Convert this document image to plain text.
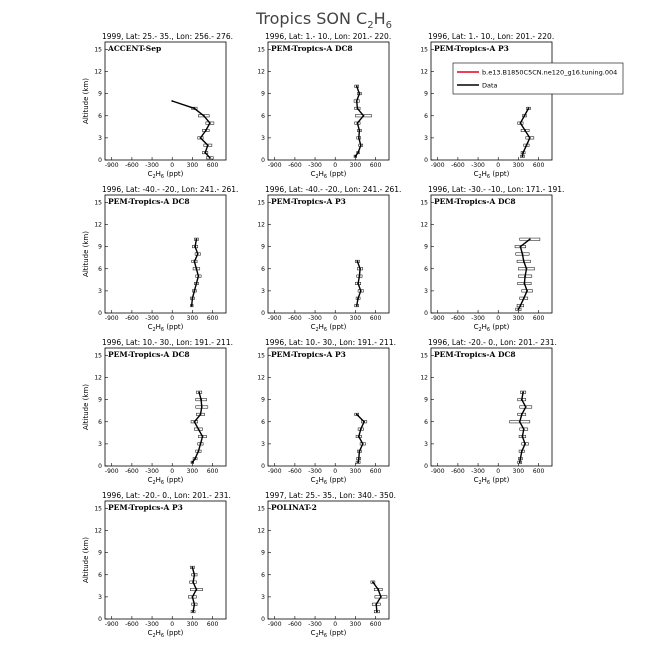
Tropics SON $C_2H_6$
1999, Lat: 25.- 35., Lon: 256.- 276.
ACCENT-Sep
-900 -600 -300 0 300 600
0
3
6
9
12
15
$C_2H_6$ (ppt)
Altitude (km)
1996, Lat: 1.- 10., Lon: 201.- 220.
PEM-Tropics-A DC8
-900 -600 -300 0 300 600
0
3
6
9
12
15
$C_2H_6$ (ppt)
1996, Lat: 1.- 10., Lon: 201.- 220.
PEM-Tropics-A P3
-900 -600 -300 0 300 600
0
3
6
9
12
15
$C_2H_6$ (ppt)
1996, Lat: -40.- -20., Lon: 241.- 261.
PEM-Tropics-A DC8
-900 -600 -300 0 300 600
0
3
6
9
12
15
$C_2H_6$ (ppt)
Altitude (km)
1996, Lat: -40.- -20., Lon: 241.- 261.
PEM-Tropics-A P3
-900 -600 -300 0 300 600
0
3
6
9
12
15
$C_2H_6$ (ppt)
1996, Lat: -30.- -10., Lon: 171.- 191.
PEM-Tropics-A DC8
-900 -600 -300 0 300 600
0
3
6
9
12
15
$C_2H_6$ (ppt)
1996, Lat: 10.- 30., Lon: 191.- 211.
PEM-Tropics-A DC8
-900 -600 -300 0 300 600
0
3
6
9
12
15
$C_2H_6$ (ppt)
Altitude (km)
1996, Lat: 10.- 30., Lon: 191.- 211.
PEM-Tropics-A P3
-900 -600 -300 0 300 600
0
3
6
9
12
15
$C_2H_6$ (ppt)
1996, Lat: -20.- 0., Lon: 201.- 231.
PEM-Tropics-A DC8
-900 -600 -300 0 300 600
0
3
6
9
12
15
$C_2H_6$ (ppt)
1996, Lat: -20.- 0., Lon: 201.- 231.
PEM-Tropics-A P3
-900 -600 -300 0 300 600
0
3
6
9
12
15
$C_2H_6$ (ppt)
Altitude (km)
1997, Lat: 25.- 35., Lon: 340.- 350.
POLINAT-2
-900 -600 -300 0 300 600
0
3
6
9
12
15
$C_2H_6$ (ppt)
b.e13.B1850C5CN.ne120_g16.tuning.004
Data
